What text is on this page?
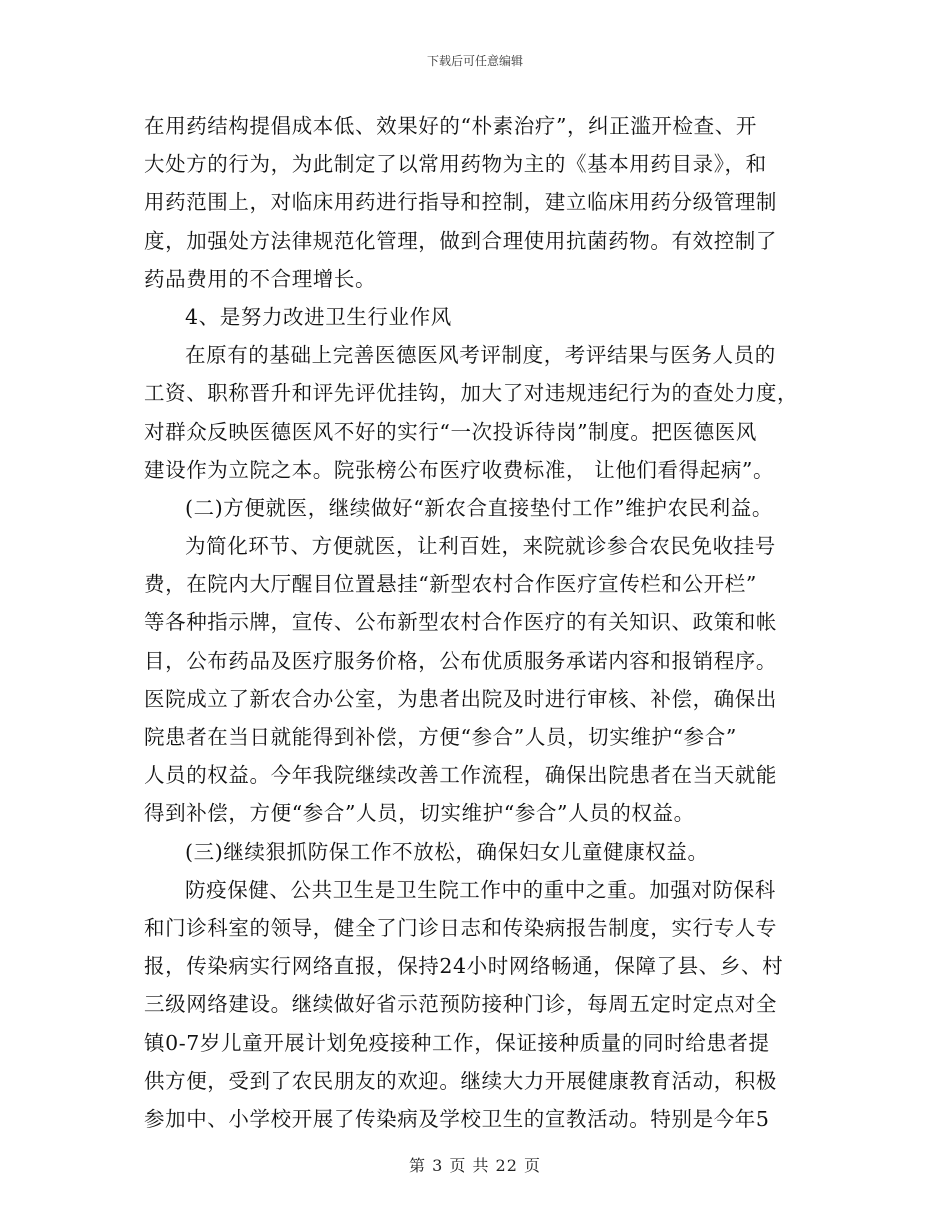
下载后可任意编辑
在用药结构提倡成本低、效果好的“朴素治疗”，纠正滥开检查、开
大处方的行为，为此制定了以常用药物为主的《基本用药目录》，和
用药范围上，对临床用药进行指导和控制，建立临床用药分级管理制
度，加强处方法律规范化管理，做到合理使用抗菌药物。有效控制了
药品费用的不合理增长。
4、是努力改进卫生行业作风
在原有的基础上完善医德医风考评制度，考评结果与医务人员的
工资、职称晋升和评先评优挂钩，加大了对违规违纪行为的查处力度，
对群众反映医德医风不好的实行“一次投诉待岗”制度。把医德医风
建设作为立院之本。院张榜公布医疗收费标准， 让他们看得起病”。
(二)方便就医，继续做好“新农合直接垫付工作”维护农民利益。
为简化环节、方便就医，让利百姓，来院就诊参合农民免收挂号
费，在院内大厅醒目位置悬挂“新型农村合作医疗宣传栏和公开栏”
等各种指示牌，宣传、公布新型农村合作医疗的有关知识、政策和帐
目，公布药品及医疗服务价格，公布优质服务承诺内容和报销程序。
医院成立了新农合办公室，为患者出院及时进行审核、补偿，确保出
院患者在当日就能得到补偿，方便“参合”人员，切实维护“参合”
人员的权益。今年我院继续改善工作流程，确保出院患者在当天就能
得到补偿，方便“参合”人员，切实维护“参合”人员的权益。
(三)继续狠抓防保工作不放松，确保妇女儿童健康权益。
防疫保健、公共卫生是卫生院工作中的重中之重。加强对防保科
和门诊科室的领导，健全了门诊日志和传染病报告制度，实行专人专
报，传染病实行网络直报，保持24小时网络畅通，保障了县、乡、村
三级网络建设。继续做好省示范预防接种门诊，每周五定时定点对全
镇0-7岁儿童开展计划免疫接种工作，保证接种质量的同时给患者提
供方便，受到了农民朋友的欢迎。继续大力开展健康教育活动，积极
参加中、小学校开展了传染病及学校卫生的宣教活动。特别是今年5
第 3 页 共 22 页
